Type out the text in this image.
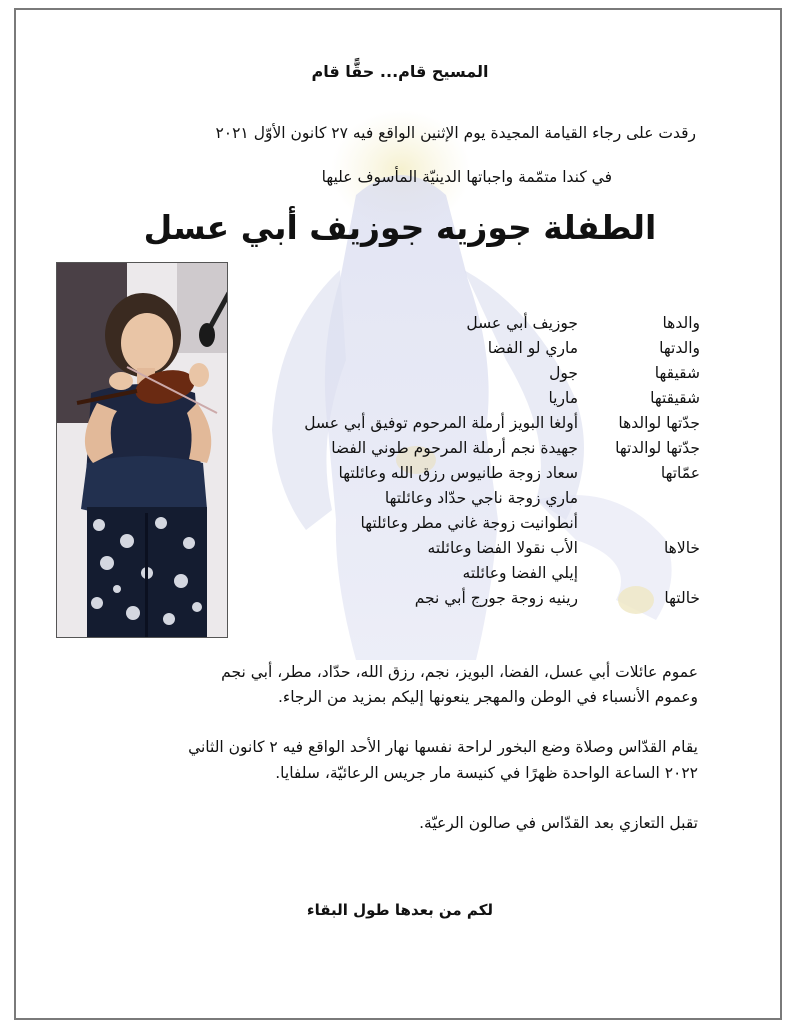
المسيح قام... حقًّا قام
رقدت على رجاء القيامة المجيدة يوم الإثنين الواقع فيه ٢٧ كانون الأوّل ٢٠٢١
في كندا متمّمة واجباتها الدينيّة المأسوف عليها
الطفلة جوزيه جوزيف أبي عسل
والدها
جوزيف أبي عسل
والدتها
ماري لو الفضا
شقيقها
جول
شقيقتها
ماريا
جدّتها لوالدها
أولغا البويز أرملة المرحوم توفيق أبي عسل
جدّتها لوالدتها
جهيدة نجم أرملة المرحوم طوني الفضا
عمّاتها
سعاد زوجة طانيوس رزق الله وعائلتها
ماري زوجة ناجي حدّاد وعائلتها
أنطوانيت زوجة غاني مطر وعائلتها
خالاها
الأب نقولا الفضا وعائلته
إيلي الفضا وعائلته
خالتها
رينيه زوجة جورج أبي نجم
عموم عائلات أبي عسل، الفضا، البويز، نجم، رزق الله، حدّاد، مطر، أبي نجم
وعموم الأنسباء في الوطن والمهجر ينعونها إليكم بمزيد من الرجاء.
يقام القدّاس وصلاة وضع البخور لراحة نفسها نهار الأحد الواقع فيه ٢ كانون الثاني
٢٠٢٢ الساعة الواحدة ظهرًا في كنيسة مار جريس الرعائيّة، سلفايا.
تقبل التعازي بعد القدّاس في صالون الرعيّة.
لكم من بعدها طول البقاء
